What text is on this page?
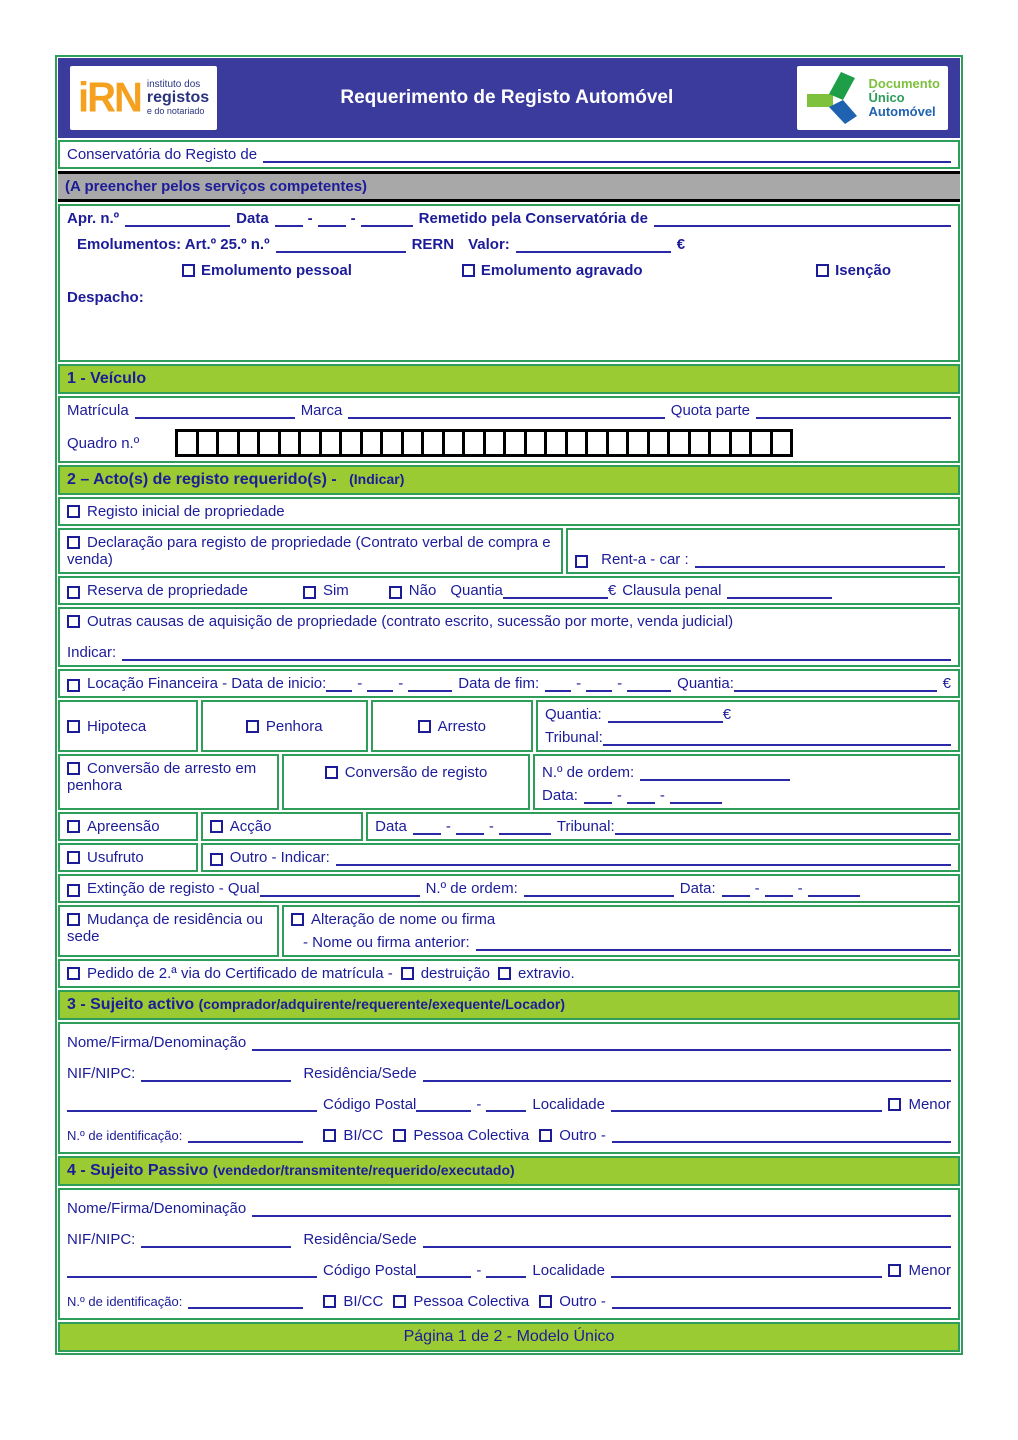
iRN instituto dos
registos
e do notariado
Requerimento de Registo Automóvel
Documento
Único
Automóvel
Conservatória do Registo de
(A preencher pelos serviços competentes)
Apr. n.º	Data	-	-	Remetido pela Conservatória de
Emolumentos: Art.º 25.º n.º	RERN Valor:	€
Emolumento pessoal	Emolumento agravado	Isenção
Despacho:
1 - Veículo
Matrícula	Marca	Quota parte
Quadro n.º
2 – Acto(s) de registo requerido(s) - (Indicar)
Registo inicial de propriedade
Declaração para registo de propriedade (Contrato verbal de compra e venda)	Rent-a - car :
Reserva de propriedade	Sim	Não Quantia	€ Clausula penal
Outras causas de aquisição de propriedade (contrato escrito, sucessão por morte, venda judicial)
Indicar:
Locação Financeira - Data de inicio: - -	Data de fim: - -	Quantia:	€
Hipoteca	Penhora	Arresto
Quantia:	€
Tribunal:
Conversão de arresto em penhora
Conversão de registo	N.º de ordem:
Data:	-	-
Apreensão	Acção	Data	-	-	Tribunal:
Usufruto	Outro - Indicar:
Extinção de registo - Qual	N.º de ordem:	Data:	-	-
Mudança de residência ou sede
Alteração de nome ou firma
- Nome ou firma anterior:
Pedido de 2.ª via do Certificado de matrícula - destruição extravio.
3 - Sujeito activo (comprador/adquirente/requerente/exequente/Locador)
Nome/Firma/Denominação
NIF/NIPC:	Residência/Sede
Código Postal	-	Localidade	Menor
N.º de identificação:	BI/CC Pessoa Colectiva Outro -
4 - Sujeito Passivo (vendedor/transmitente/requerido/executado)
Nome/Firma/Denominação
NIF/NIPC:	Residência/Sede
Código Postal	-	Localidade	Menor
N.º de identificação:	BI/CC Pessoa Colectiva Outro -
Página 1 de 2 - Modelo Único
